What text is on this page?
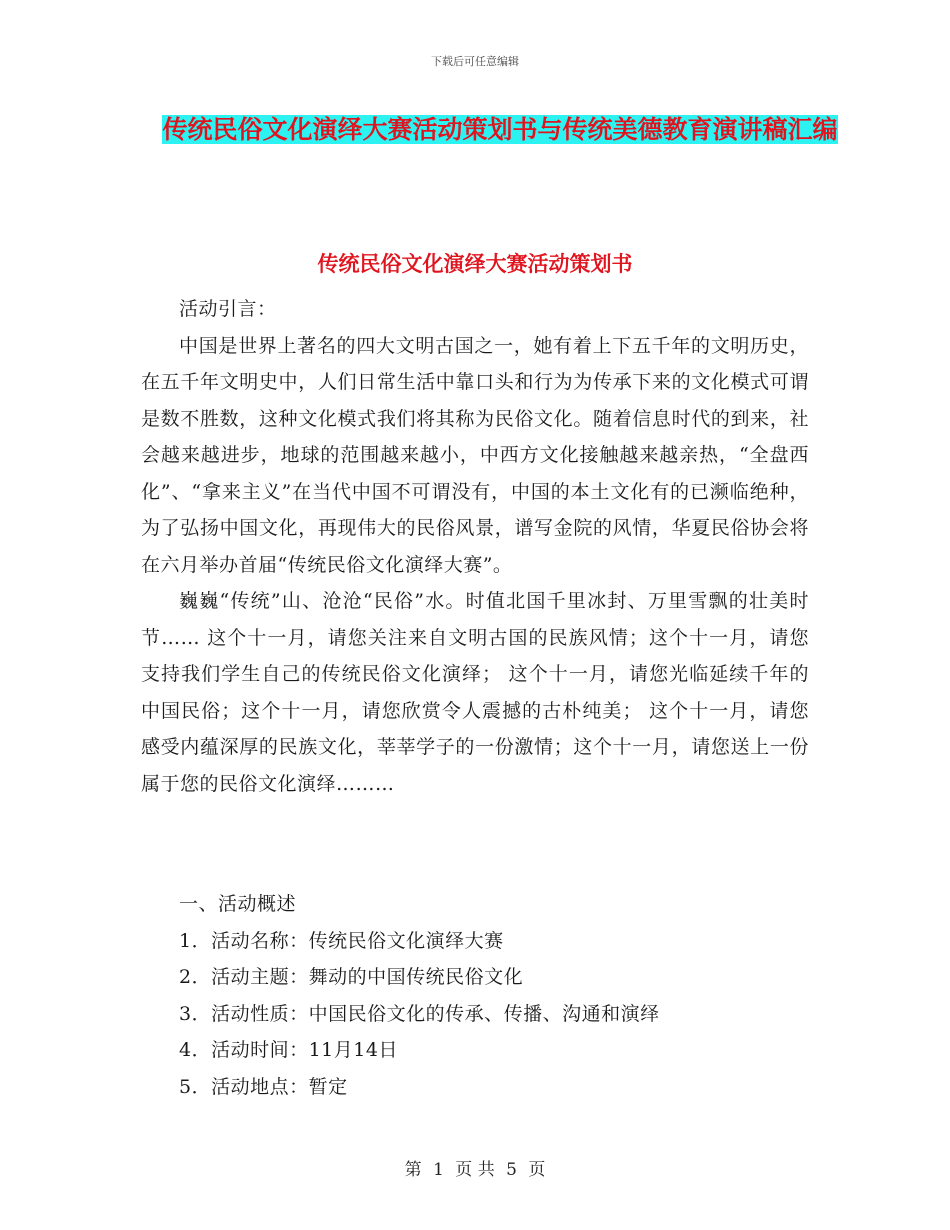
下载后可任意编辑
传统民俗文化演绎大赛活动策划书与传统美德教育演讲稿汇编
传统民俗文化演绎大赛活动策划书

活动引言：

中国是世界上著名的四大文明古国之一，她有着上下五千年的文明历史，在五千年文明史中，人们日常生活中靠口头和行为为传承下来的文化模式可谓是数不胜数，这种文化模式我们将其称为民俗文化。随着信息时代的到来，社会越来越进步，地球的范围越来越小，中西方文化接触越来越亲热，“全盘西化”、“拿来主义”在当代中国不可谓没有，中国的本土文化有的已濒临绝种，为了弘扬中国文化，再现伟大的民俗风景，谱写金院的风情，华夏民俗协会将在六月举办首届“传统民俗文化演绎大赛”。

巍巍“传统”山、沧沧“民俗”水。时值北国千里冰封、万里雪飘的壮美时节…… 这个十一月，请您关注来自文明古国的民族风情；这个十一月，请您支持我们学生自己的传统民俗文化演绎； 这个十一月，请您光临延续千年的中国民俗；这个十一月，请您欣赏令人震撼的古朴纯美； 这个十一月，请您感受内蕴深厚的民族文化，莘莘学子的一份激情；这个十一月，请您送上一份属于您的民俗文化演绎………

一、活动概述
1．活动名称：传统民俗文化演绎大赛
2．活动主题：舞动的中国传统民俗文化
3．活动性质：中国民俗文化的传承、传播、沟通和演绎
4．活动时间：11月14日
5．活动地点：暂定
第 1 页 共 5 页
